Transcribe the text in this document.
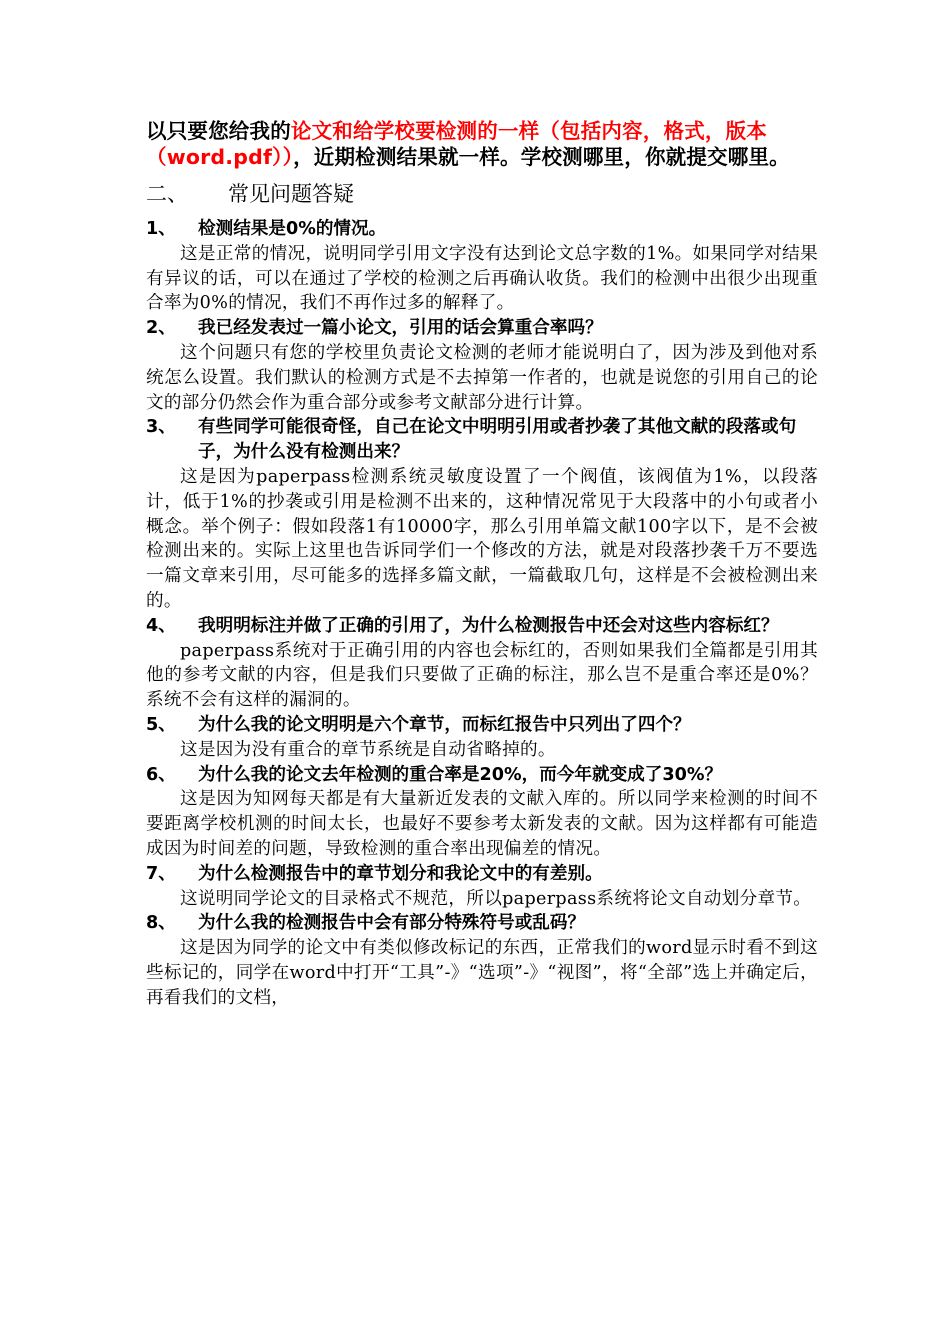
以只要您给我的论文和给学校要检测的一样（包括内容，格式，版本（word.pdf）），近期检测结果就一样。学校测哪里，你就提交哪里。

二、 常见问题答疑

1、 检测结果是0%的情况。

这是正常的情况，说明同学引用文字没有达到论文总字数的1%。如果同学对结果有异议的话，可以在通过了学校的检测之后再确认收货。我们的检测中出很少出现重合率为0%的情况，我们不再作过多的解释了。

2、 我已经发表过一篇小论文，引用的话会算重合率吗？

这个问题只有您的学校里负责论文检测的老师才能说明白了，因为涉及到他对系统怎么设置。我们默认的检测方式是不去掉第一作者的，也就是说您的引用自己的论文的部分仍然会作为重合部分或参考文献部分进行计算。

3、 有些同学可能很奇怪，自己在论文中明明引用或者抄袭了其他文献的段落或句子，为什么没有检测出来？

这是因为paperpass检测系统灵敏度设置了一个阀值，该阀值为1%，以段落计，低于1%的抄袭或引用是检测不出来的，这种情况常见于大段落中的小句或者小概念。举个例子：假如段落1有10000字，那么引用单篇文献100字以下，是不会被检测出来的。实际上这里也告诉同学们一个修改的方法，就是对段落抄袭千万不要选一篇文章来引用，尽可能多的选择多篇文献，一篇截取几句，这样是不会被检测出来的。

4、 我明明标注并做了正确的引用了，为什么检测报告中还会对这些内容标红？

paperpass系统对于正确引用的内容也会标红的，否则如果我们全篇都是引用其他的参考文献的内容，但是我们只要做了正确的标注，那么岂不是重合率还是0%？系统不会有这样的漏洞的。

5、 为什么我的论文明明是六个章节，而标红报告中只列出了四个？

这是因为没有重合的章节系统是自动省略掉的。

6、 为什么我的论文去年检测的重合率是20%，而今年就变成了30%？

这是因为知网每天都是有大量新近发表的文献入库的。所以同学来检测的时间不要距离学校机测的时间太长，也最好不要参考太新发表的文献。因为这样都有可能造成因为时间差的问题，导致检测的重合率出现偏差的情况。

7、 为什么检测报告中的章节划分和我论文中的有差别。

这说明同学论文的目录格式不规范，所以paperpass系统将论文自动划分章节。

8、 为什么我的检测报告中会有部分特殊符号或乱码？

这是因为同学的论文中有类似修改标记的东西，正常我们的word显示时看不到这些标记的，同学在word中打开“工具”-》“选项”-》“视图”，将“全部”选上并确定后，再看我们的文档，
